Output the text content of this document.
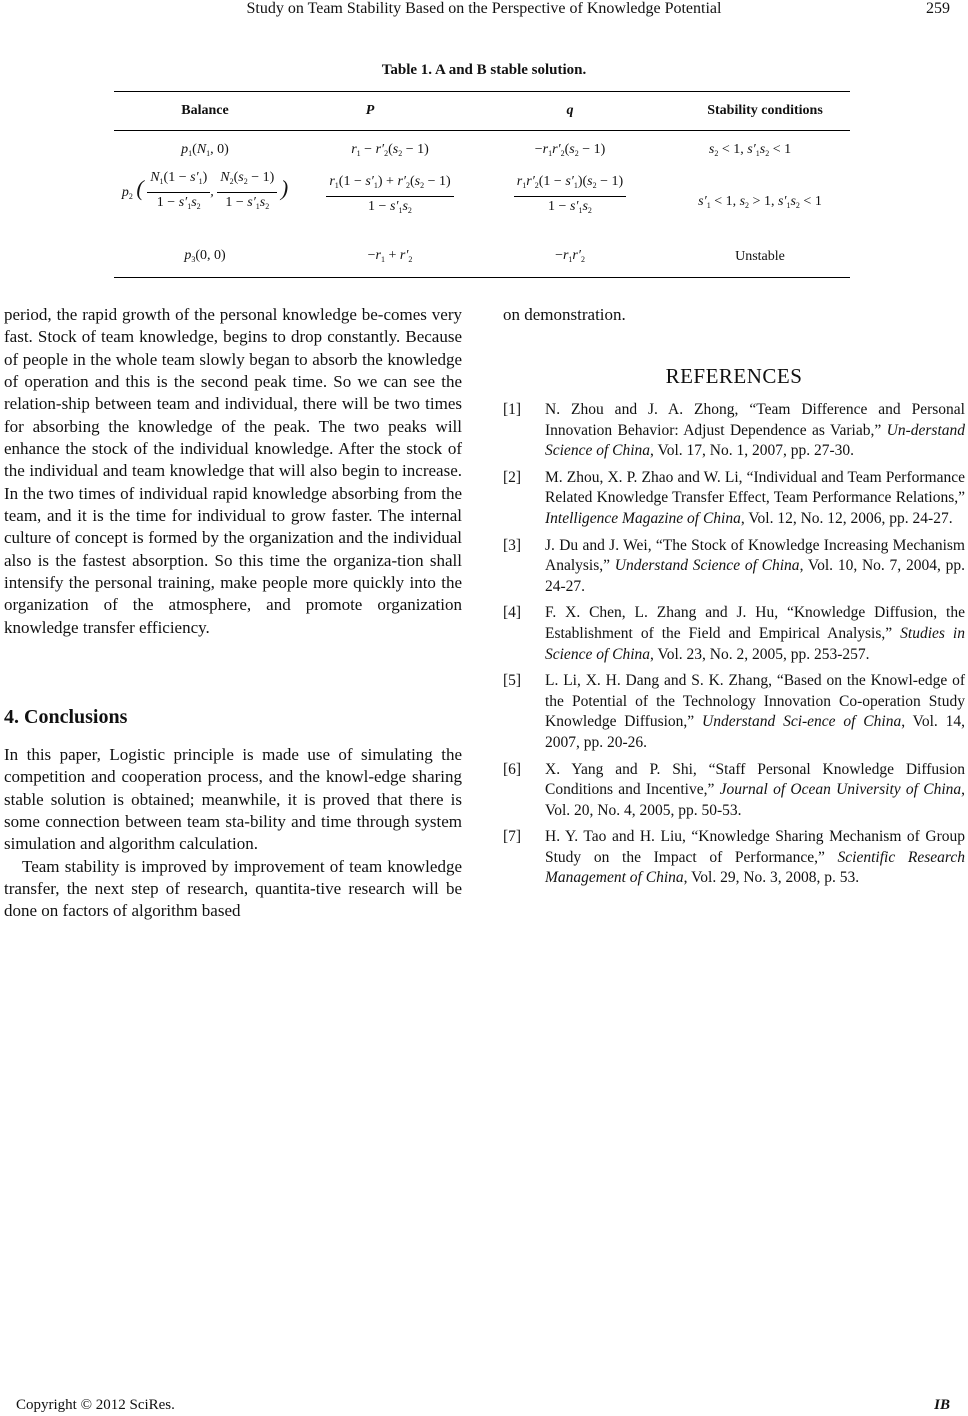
Study on Team Stability Based on the Perspective of Knowledge Potential	259
Table 1. A and B stable solution.
Balance	P	q	Stability conditions
$p_1(N_1$, 0)	$r_1 - r'_2(s_2 - 1)$	$-r_1r'_2(s_2 - 1)$	$s_2 < 1$, $s'_1s_2 < 1$
$p_2$ ( $\frac{N_1(1 - s'_1)}{1 - s'_1s_2}$ , $\frac{N_2(s_2 - 1)}{1 - s'_1s_2}$ )	$\frac{r_1(1 - s'_1) + r'_2(s_2 - 1)}{1 - s'_1s_2}$	$\frac{r_1r'_2(1 - s'_1)(s_2 - 1)}{1 - s'_1s_2}$	$s'_1 < 1$, $s_2 > 1$, $s'_1s_2 < 1$
$p_3(0$, 0)	$-r_1 + r'_2$	$-r_1r'_2$	Unstable

period, the rapid growth of the personal knowledge be-comes very fast. Stock of team knowledge, begins to drop constantly. Because of people in the whole team slowly began to absorb the knowledge of operation and this is the second peak time. So we can see the relation-ship between team and individual, there will be two times for absorbing the knowledge of the peak. The two peaks will enhance the stock of the individual knowledge. After the stock of the individual and team knowledge that will also begin to increase. In the two times of individual rapid knowledge absorbing from the team, and it is the time for individual to grow faster. The internal culture of concept is formed by the organization and the individual also is the fastest absorption. So this time the organiza-tion shall intensify the personal training, make people more quickly into the organization of the atmosphere, and promote organization knowledge transfer efficiency.

4. Conclusions

In this paper, Logistic principle is made use of simulating the competition and cooperation process, and the knowl-edge sharing stable solution is obtained; meanwhile, it is proved that there is some connection between team sta-bility and time through system simulation and algorithm calculation.

Team stability is improved by improvement of team knowledge transfer, the next step of research, quantita-tive research will be done on factors of algorithm based

on demonstration.
REFERENCES
[1] N. Zhou and J. A. Zhong, “Team Difference and Personal Innovation Behavior: Adjust Dependence as Variab,” Un-derstand Science of China, Vol. 17, No. 1, 2007, pp. 27-30.
[2] M. Zhou, X. P. Zhao and W. Li, “Individual and Team Performance Related Knowledge Transfer Effect, Team Performance Relations,” Intelligence Magazine of China, Vol. 12, No. 12, 2006, pp. 24-27.
[3] J. Du and J. Wei, “The Stock of Knowledge Increasing Mechanism Analysis,” Understand Science of China, Vol. 10, No. 7, 2004, pp. 24-27.
[4] F. X. Chen, L. Zhang and J. Hu, “Knowledge Diffusion, the Establishment of the Field and Empirical Analysis,” Studies in Science of China, Vol. 23, No. 2, 2005, pp. 253-257.
[5] L. Li, X. H. Dang and S. K. Zhang, “Based on the Knowl-edge of the Potential of the Technology Innovation Co-operation Study Knowledge Diffusion,” Understand Sci-ence of China, Vol. 14, 2007, pp. 20-26.
[6] X. Yang and P. Shi, “Staff Personal Knowledge Diffusion Conditions and Incentive,” Journal of Ocean University of China, Vol. 20, No. 4, 2005, pp. 50-53.
[7] H. Y. Tao and H. Liu, “Knowledge Sharing Mechanism of Group Study on the Impact of Performance,” Scientific Research Management of China, Vol. 29, No. 3, 2008, p. 53.
Copyright © 2012 SciRes.	IB
